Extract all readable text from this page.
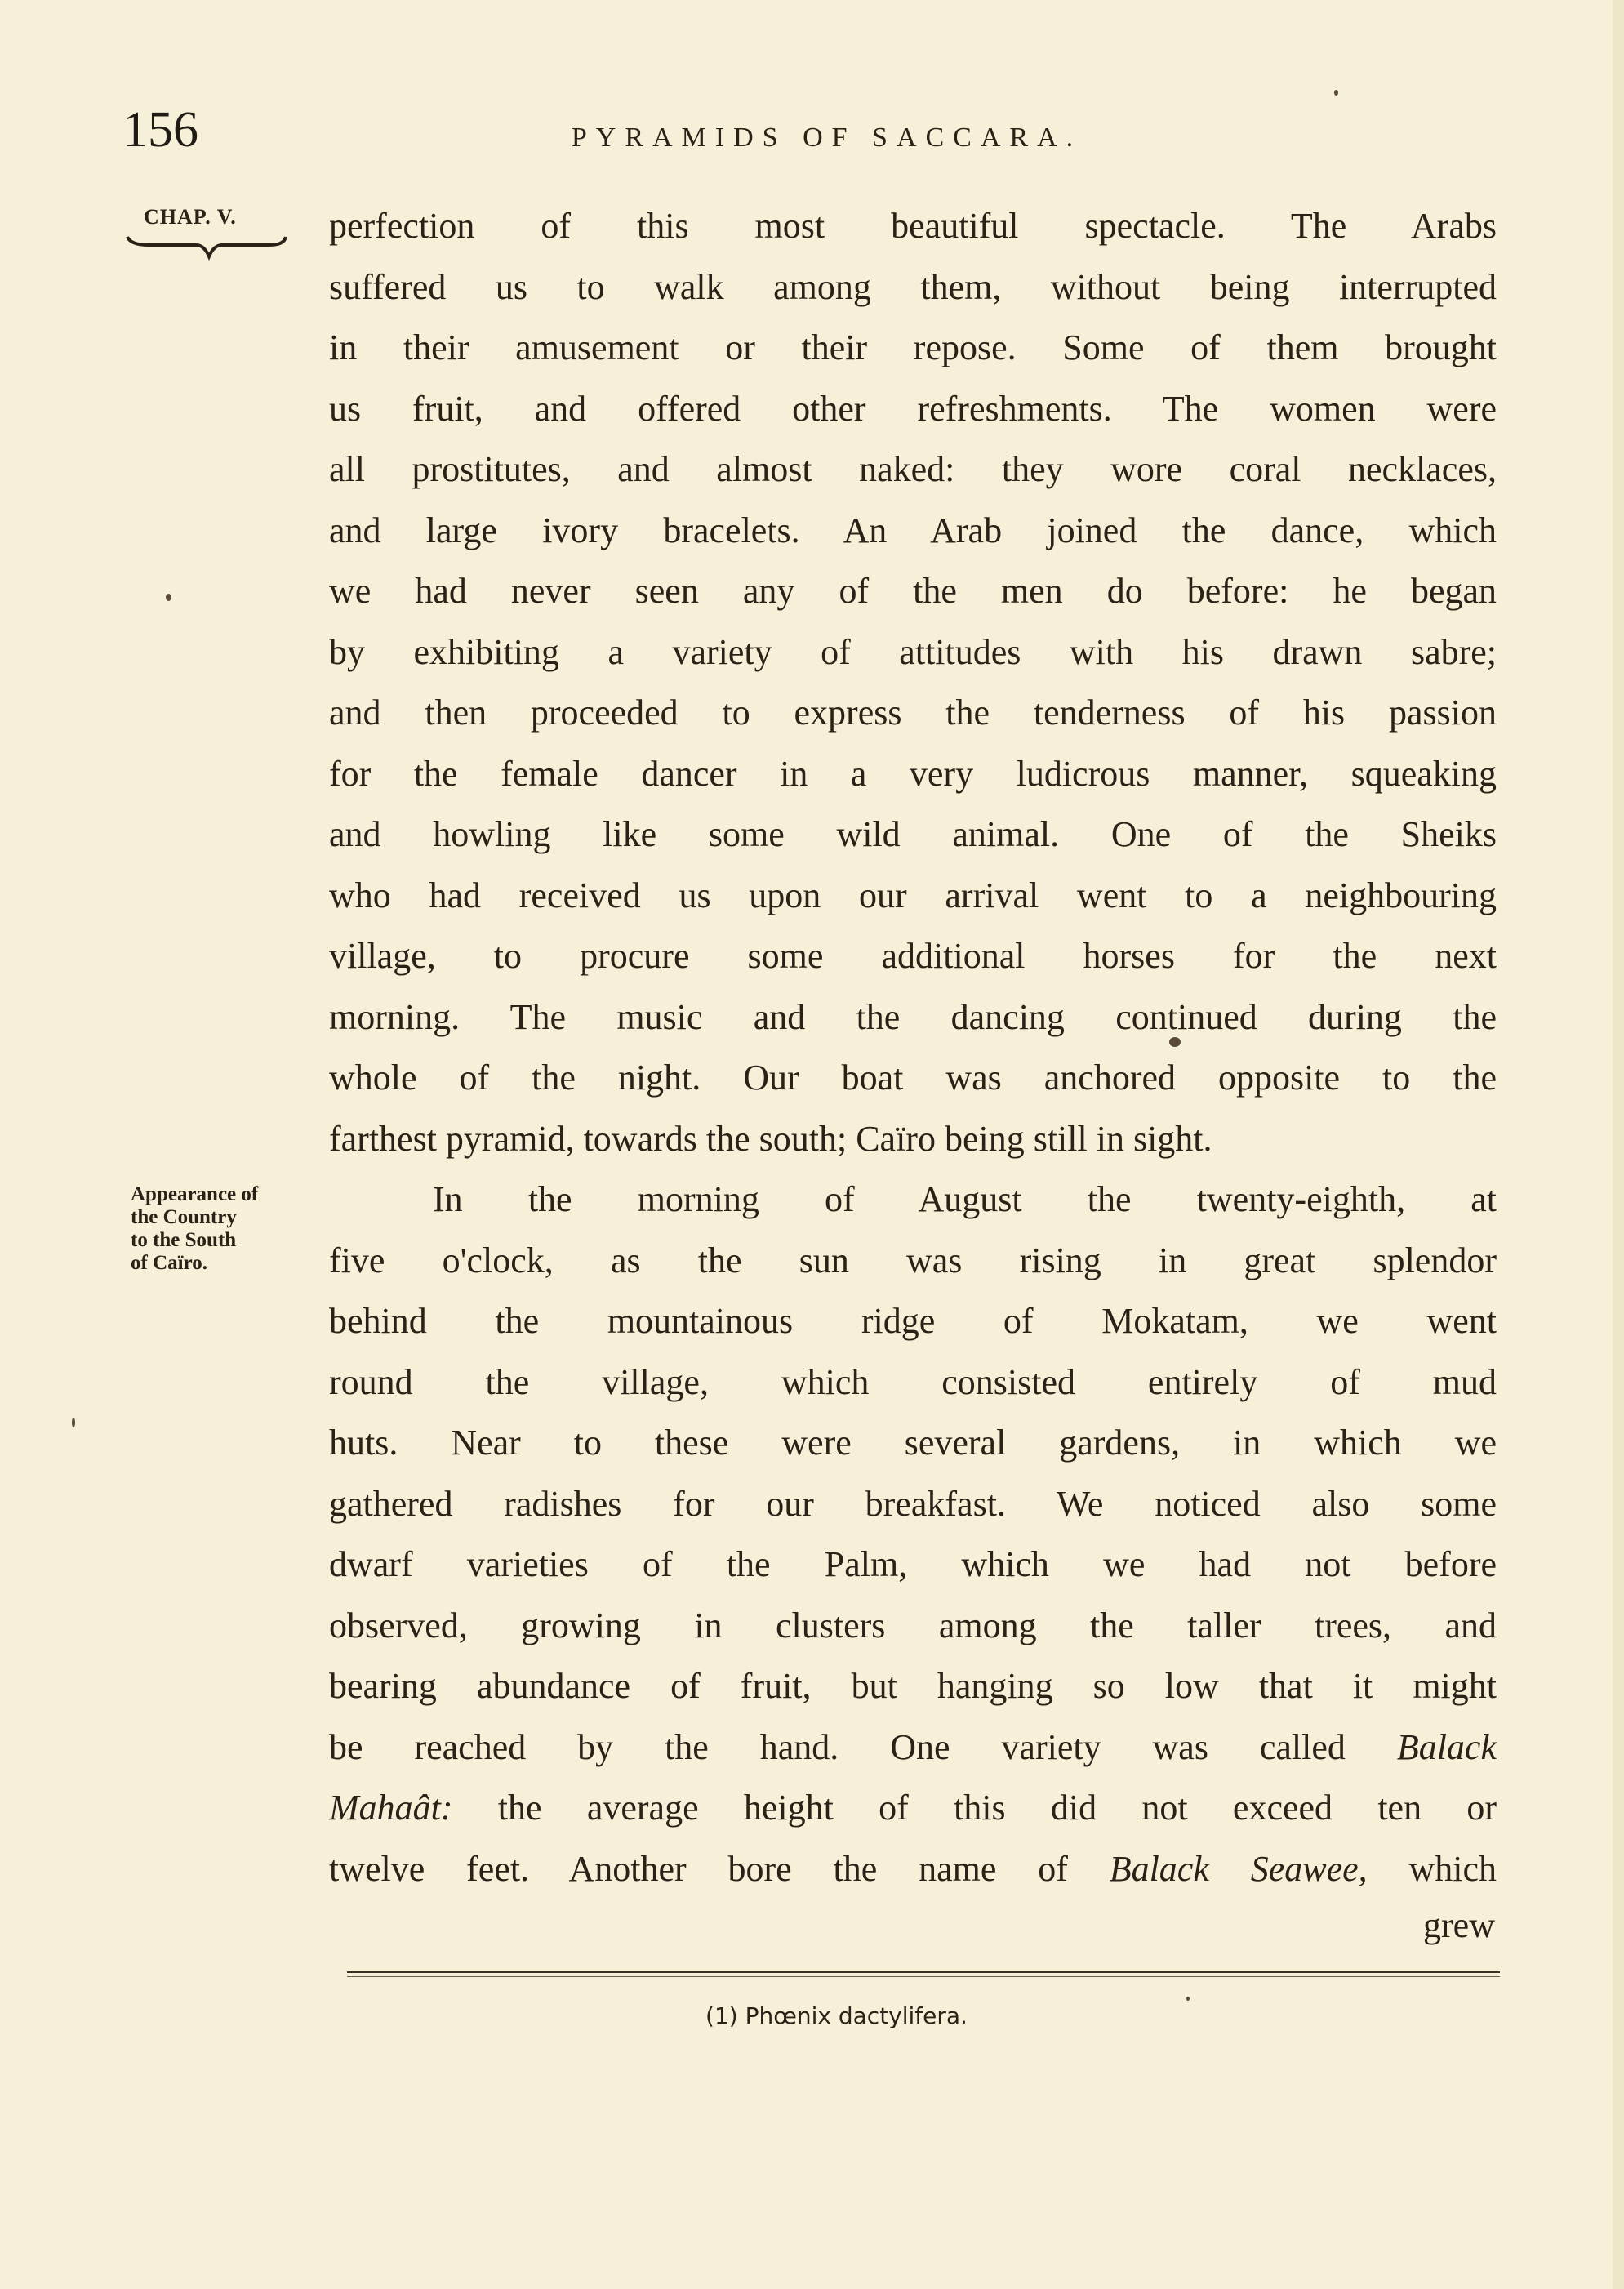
156	PYRAMIDS OF SACCARA.
CHAP. V.
Appearance of
the Country
to the South
of Caïro.
perfection of this most beautiful spectacle. The Arabs
suffered us to walk among them, without being interrupted
in their amusement or their repose. Some of them brought
us fruit, and offered other refreshments. The women were
all prostitutes, and almost naked: they wore coral necklaces,
and large ivory bracelets. An Arab joined the dance, which
we had never seen any of the men do before: he began
by exhibiting a variety of attitudes with his drawn sabre;
and then proceeded to express the tenderness of his passion
for the female dancer in a very ludicrous manner, squeaking
and howling like some wild animal. One of the Sheiks
who had received us upon our arrival went to a neighbouring
village, to procure some additional horses for the next
morning. The music and the dancing continued during the
whole of the night. Our boat was anchored opposite to the
farthest pyramid, towards the south; Caïro being still in sight.
In the morning of August the twenty-eighth, at
five o'clock, as the sun was rising in great splendor
behind the mountainous ridge of Mokatam, we went
round the village, which consisted entirely of mud
huts. Near to these were several gardens, in which we
gathered radishes for our breakfast. We noticed also some
dwarf varieties of the Palm, which we had not before
observed, growing in clusters among the taller trees, and
bearing abundance of fruit, but hanging so low that it might
be reached by the hand. One variety was called Balack
Mahaât: the average height of this did not exceed ten or
twelve feet. Another bore the name of Balack Seawee, which
grew
(1) Phœnix dactylifera.
